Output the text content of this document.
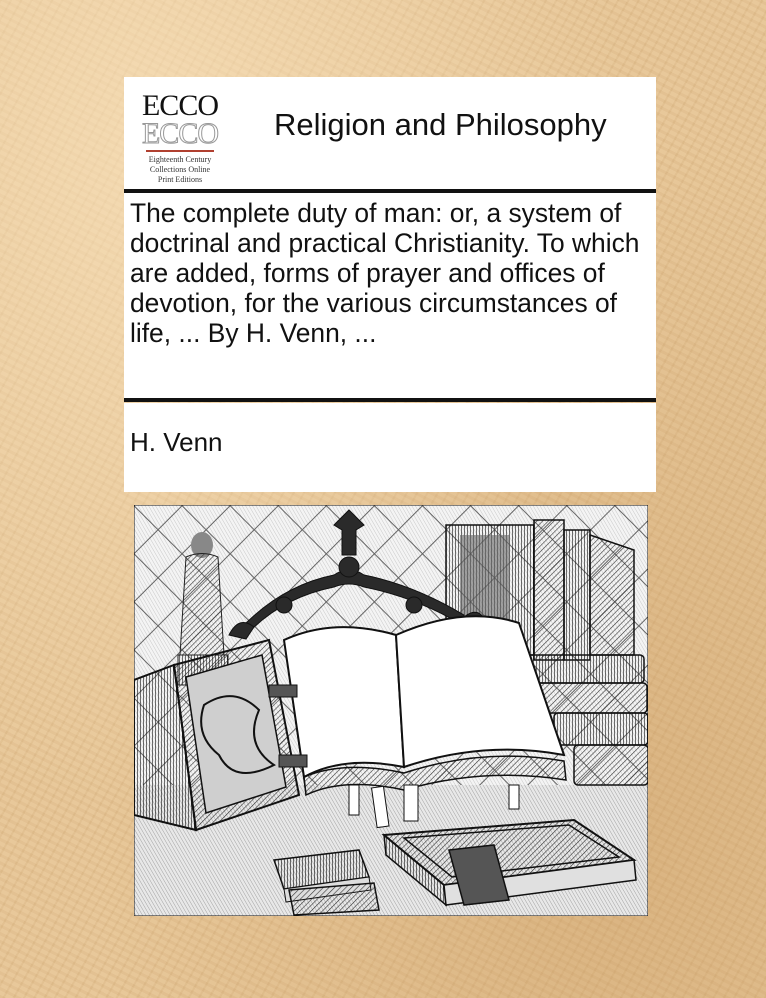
ECCO
ECCO
Eighteenth Century
Collections Online
Print Editions
Religion and Philosophy
The complete duty of man: or, a system of doctrinal and practical Christianity. To which are added, forms of prayer and offices of devotion, for the various circumstances of life, ... By H. Venn, ...
H. Venn
